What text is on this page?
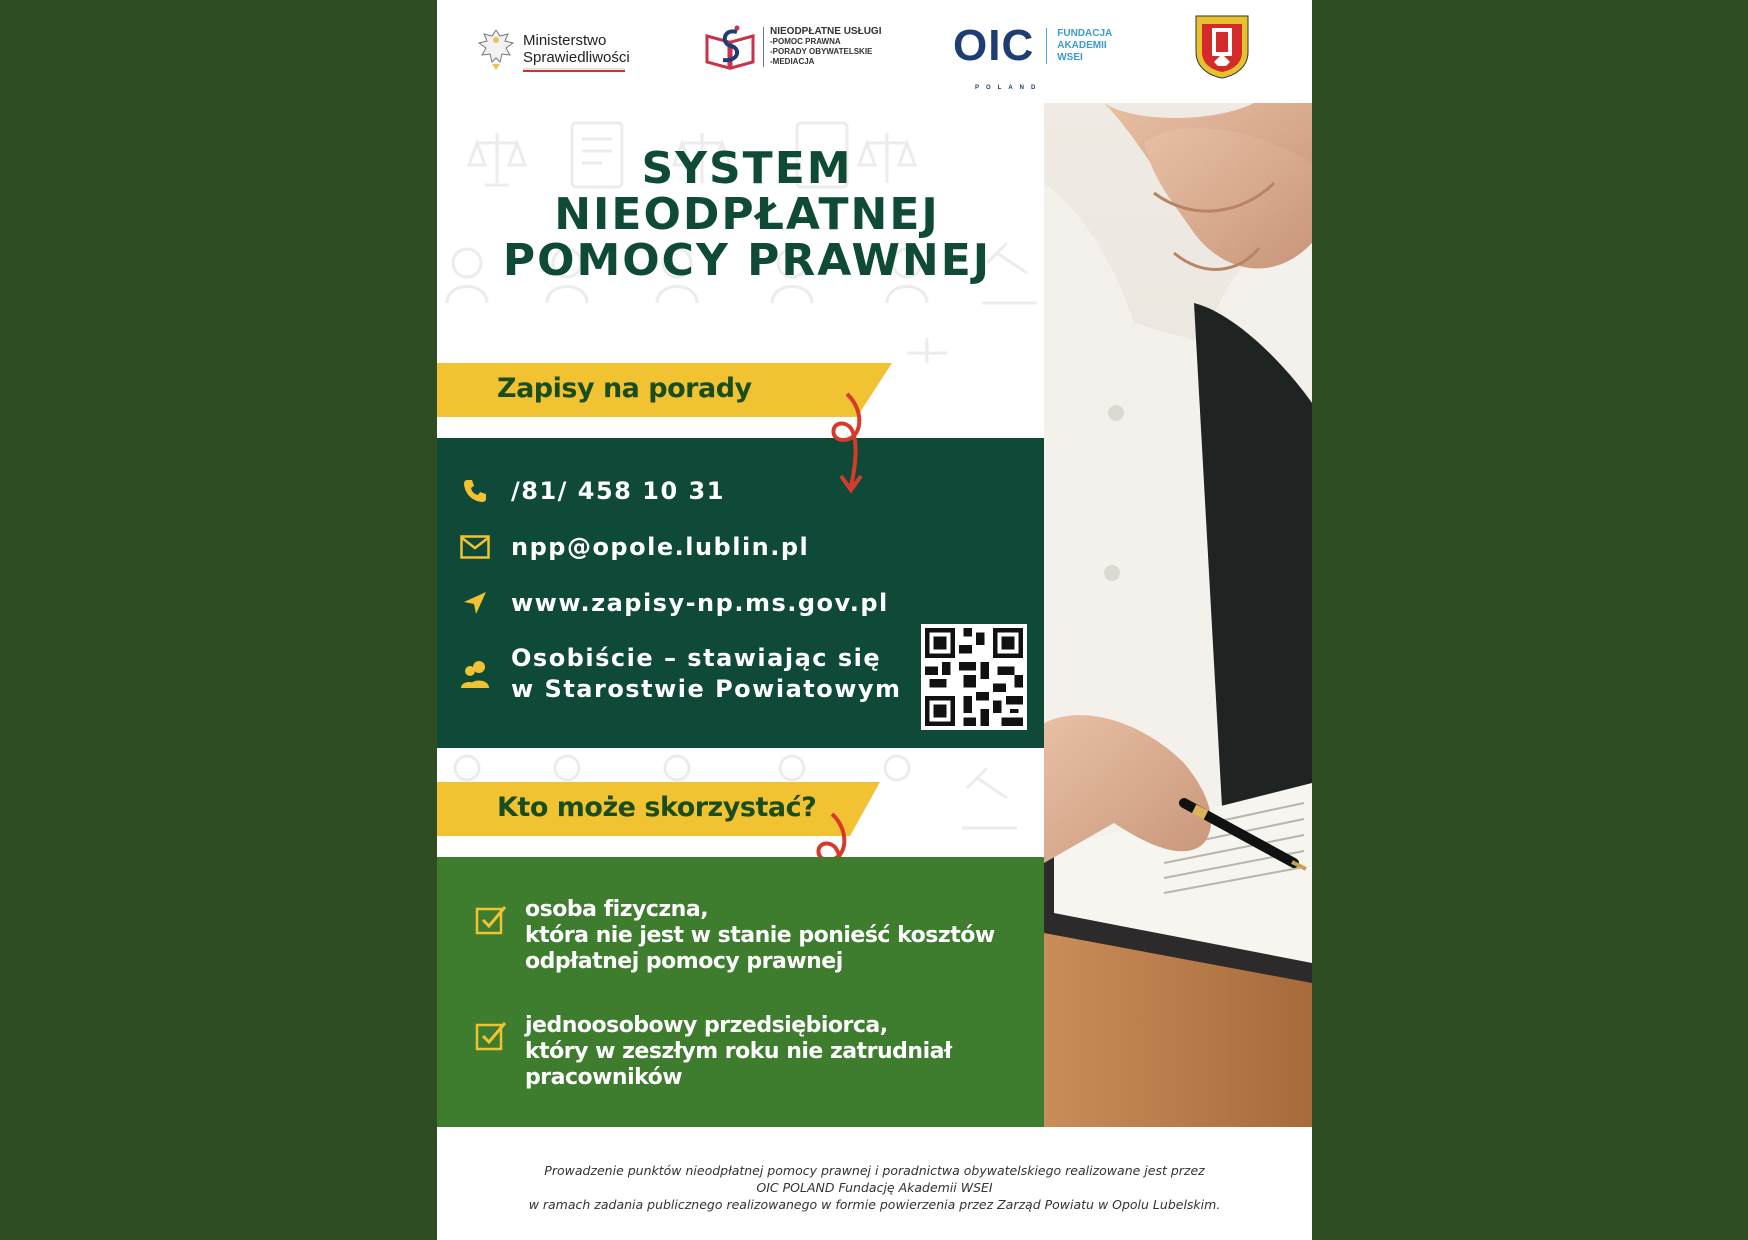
Ministerstwo
Sprawiedliwości
NIEODPŁATNE USŁUGI
-POMOC PRAWNA
-PORADY OBYWATELSKIE
-MEDIACJA	OIC
POLAND
FUNDACJA
AKADEMII
WSEI
SYSTEM
NIEODPŁATNEJ
POMOCY PRAWNEJ
Zapisy na porady
/81/ 458 10 31
npp@opole.lublin.pl
www.zapisy-np.ms.gov.pl
Osobiście – stawiając się
w Starostwie Powiatowym
Kto może skorzystać?
osoba fizyczna,
która nie jest w stanie ponieść kosztów
odpłatnej pomocy prawnej
jednoosobowy przedsiębiorca,
który w zeszłym roku nie zatrudniał
pracowników
Prowadzenie punktów nieodpłatnej pomocy prawnej i poradnictwa obywatelskiego realizowane jest przez
OIC POLAND Fundację Akademii WSEI
w ramach zadania publicznego realizowanego w formie powierzenia przez Zarząd Powiatu w Opolu Lubelskim.
